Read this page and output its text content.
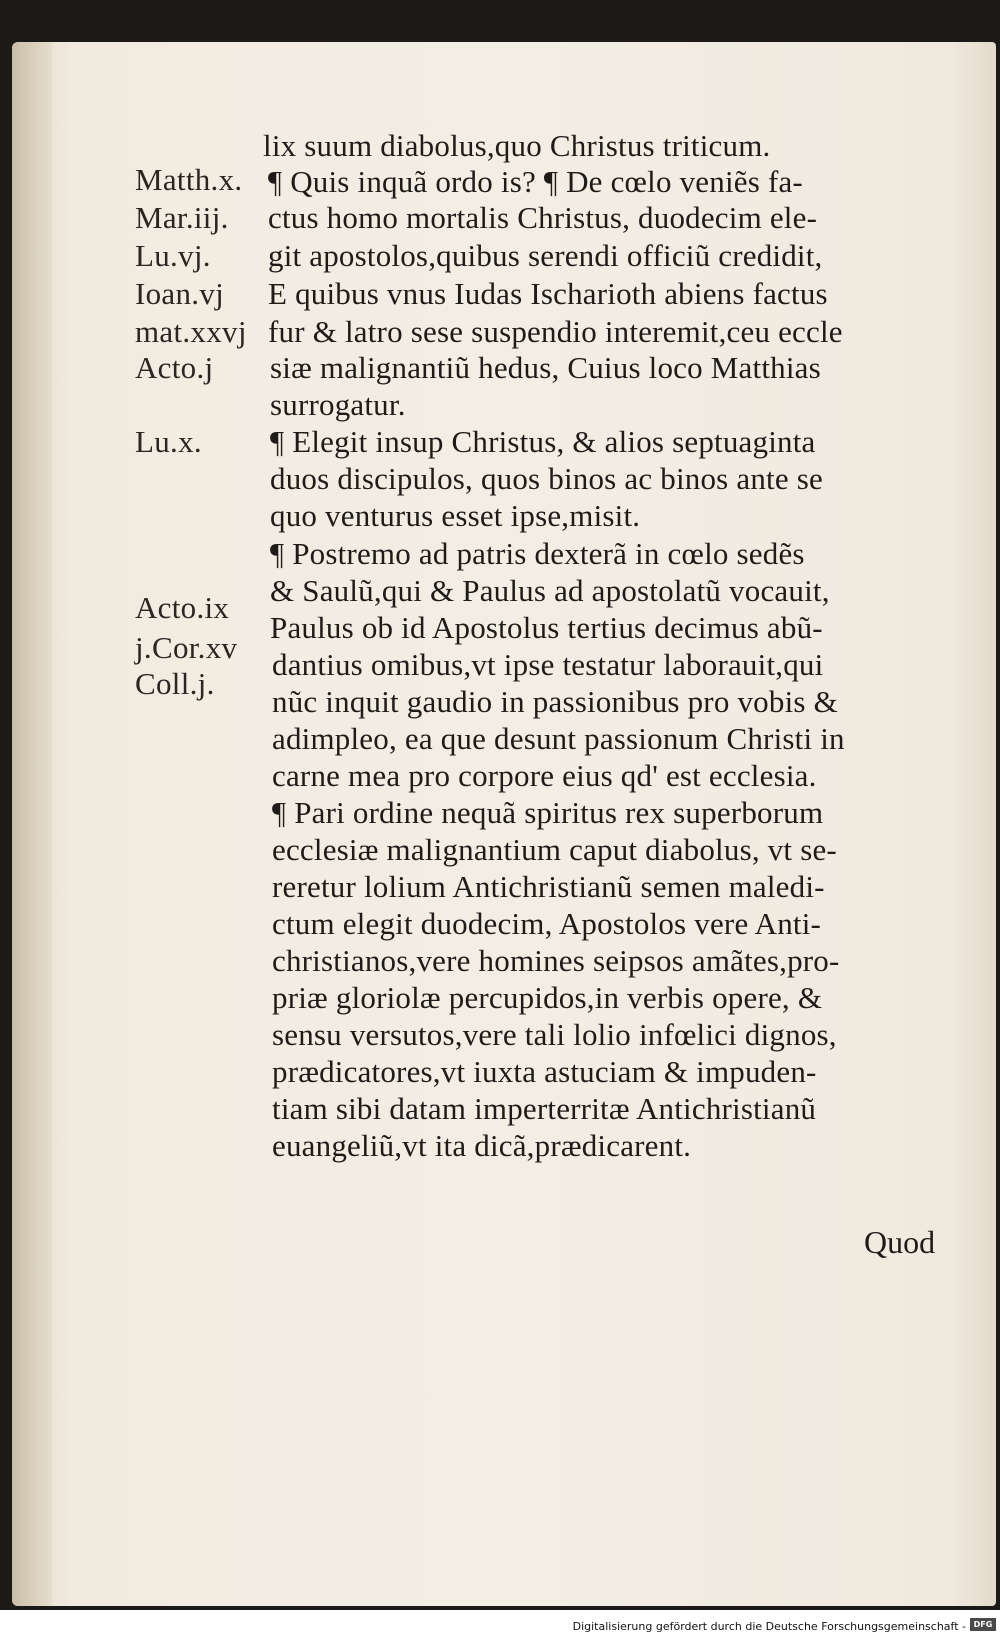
Matth.x.
Mar.iij.
Lu.vj.
Ioan.vj
mat.xxvj
Acto.j
Lu.x.
Acto.ix
j.Cor.xv
Coll.j.
lix suum diabolus,quo Christus triticum.
¶ Quis inquã ordo is? ¶ De cœlo veniẽs fa-
ctus homo mortalis Christus, duodecim ele-
git apostolos,quibus serendi officiũ credidit,
E quibus vnus Iudas Ischarioth abiens factus
fur & latro sese suspendio interemit,ceu eccle
siæ malignantiũ hedus, Cuius loco Matthias
surrogatur.
¶ Elegit insup Christus, & alios septuaginta
duos discipulos, quos binos ac binos ante se
quo venturus esset ipse,misit.
¶ Postremo ad patris dexterã in cœlo sedẽs
& Saulũ,qui & Paulus ad apostolatũ vocauit,
Paulus ob id Apostolus tertius decimus abũ-
dantius omibus,vt ipse testatur laborauit,qui
nũc inquit gaudio in passionibus pro vobis &
adimpleo, ea que desunt passionum Christi in
carne mea pro corpore eius qd' est ecclesia.
¶ Pari ordine nequã spiritus rex superborum
ecclesiæ malignantium caput diabolus, vt se-
reretur lolium Antichristianũ semen maledi-
ctum elegit duodecim, Apostolos vere Anti-
christianos,vere homines seipsos amãtes,pro-
priæ gloriolæ percupidos,in verbis opere, &
sensu versutos,vere tali lolio infœlici dignos,
prædicatores,vt iuxta astuciam & impuden-
tiam sibi datam imperterritæ Antichristianũ
euangeliũ,vt ita dicã,prædicarent.
Quod
Digitalisierung gefördert durch die Deutsche Forschungsgemeinschaft - DFG
